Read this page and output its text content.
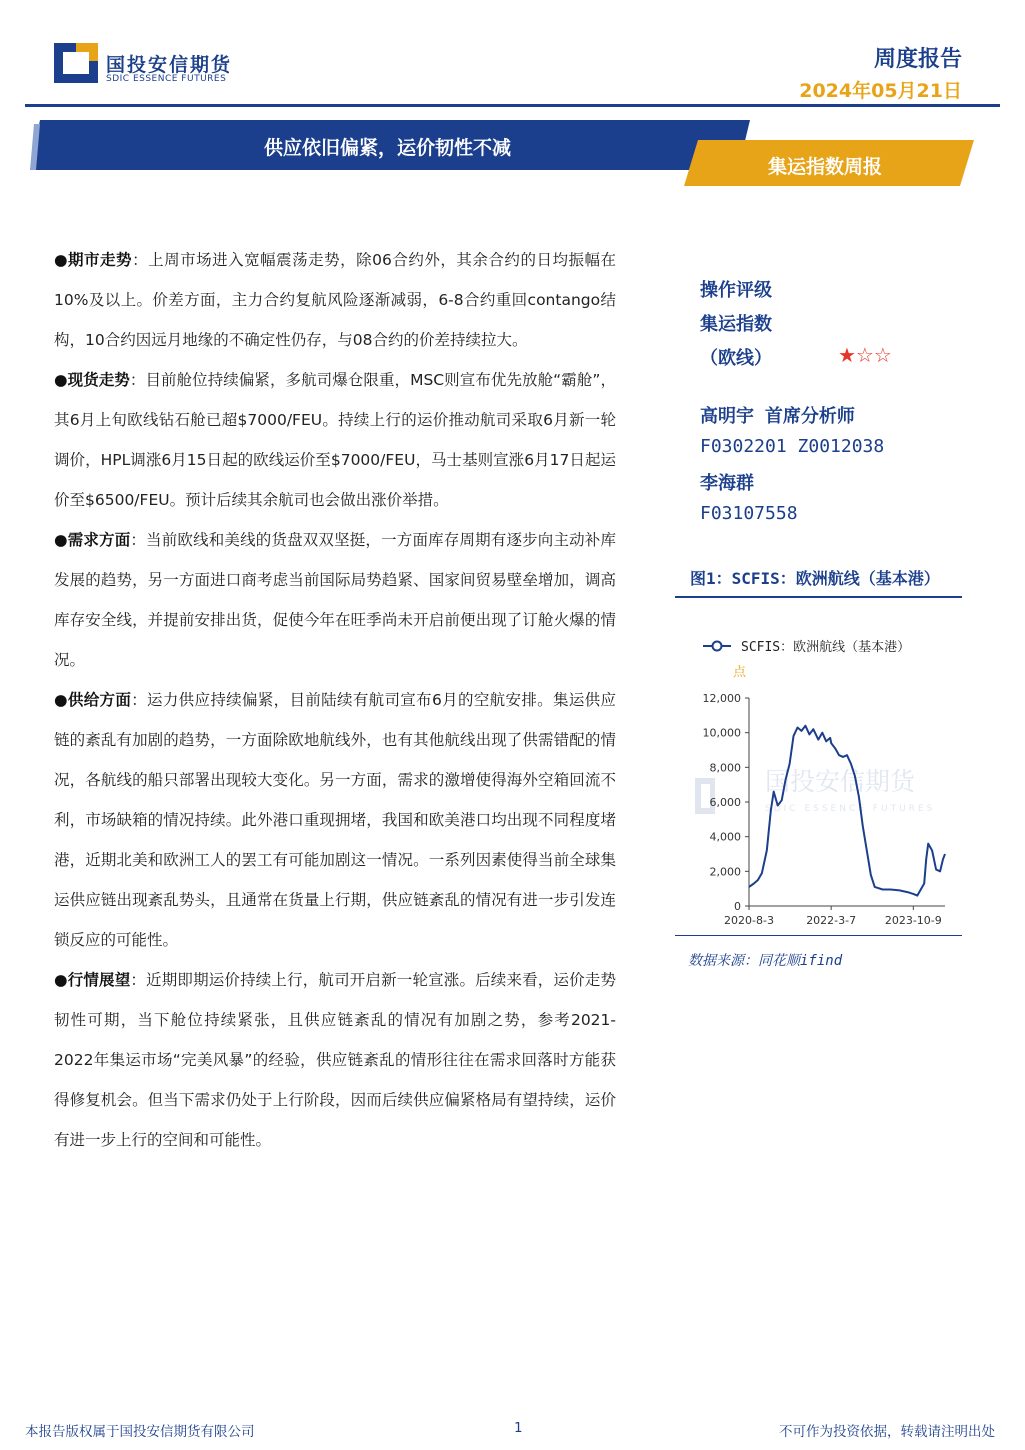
国投安信期货
SDIC ESSENCE FUTURES
周度报告
2024年05月21日
供应依旧偏紧，运价韧性不减
集运指数周报

●期市走势：上周市场进入宽幅震荡走势，除06合约外，其余合约的日均振幅在10%及以上。价差方面，主力合约复航风险逐渐减弱，6-8合约重回contango结构，10合约因远月地缘的不确定性仍存，与08合约的价差持续拉大。

●现货走势：目前舱位持续偏紧，多航司爆仓限重，MSC则宣布优先放舱“霸舱”，其6月上旬欧线钻石舱已超$7000/FEU。持续上行的运价推动航司采取6月新一轮调价，HPL调涨6月15日起的欧线运价至$7000/FEU，马士基则宣涨6月17日起运价至$6500/FEU。预计后续其余航司也会做出涨价举措。

●需求方面：当前欧线和美线的货盘双双坚挺，一方面库存周期有逐步向主动补库发展的趋势，另一方面进口商考虑当前国际局势趋紧、国家间贸易壁垒增加，调高库存安全线，并提前安排出货，促使今年在旺季尚未开启前便出现了订舱火爆的情况。

●供给方面：运力供应持续偏紧，目前陆续有航司宣布6月的空航安排。集运供应链的紊乱有加剧的趋势，一方面除欧地航线外，也有其他航线出现了供需错配的情况，各航线的船只部署出现较大变化。另一方面，需求的激增使得海外空箱回流不利，市场缺箱的情况持续。此外港口重现拥堵，我国和欧美港口均出现不同程度堵港，近期北美和欧洲工人的罢工有可能加剧这一情况。一系列因素使得当前全球集运供应链出现紊乱势头，且通常在货量上行期，供应链紊乱的情况有进一步引发连锁反应的可能性。

●行情展望：近期即期运价持续上行，航司开启新一轮宣涨。后续来看，运价走势韧性可期，当下舱位持续紧张，且供应链紊乱的情况有加剧之势，参考2021-2022年集运市场“完美风暴”的经验，供应链紊乱的情形往往在需求回落时方能获得修复机会。但当下需求仍处于上行阶段，因而后续供应偏紧格局有望持续，运价有进一步上行的空间和可能性。

操作评级
集运指数
（欧线）	★☆☆
高明宇 首席分析师
F0302201 Z0012038
李海群
F03107558
图1：SCFIS：欧洲航线（基本港）
SCFIS：欧洲航线（基本港）
点
国投安信期货
SDIC ESSENCE FUTURES
0
2,000
4,000
6,000
8,000
10,000
12,000
2020-8-3	2022-3-7	2023-10-9
数据来源：同花顺ifind
本报告版权属于国投安信期货有限公司	1	不可作为投资依据，转载请注明出处
